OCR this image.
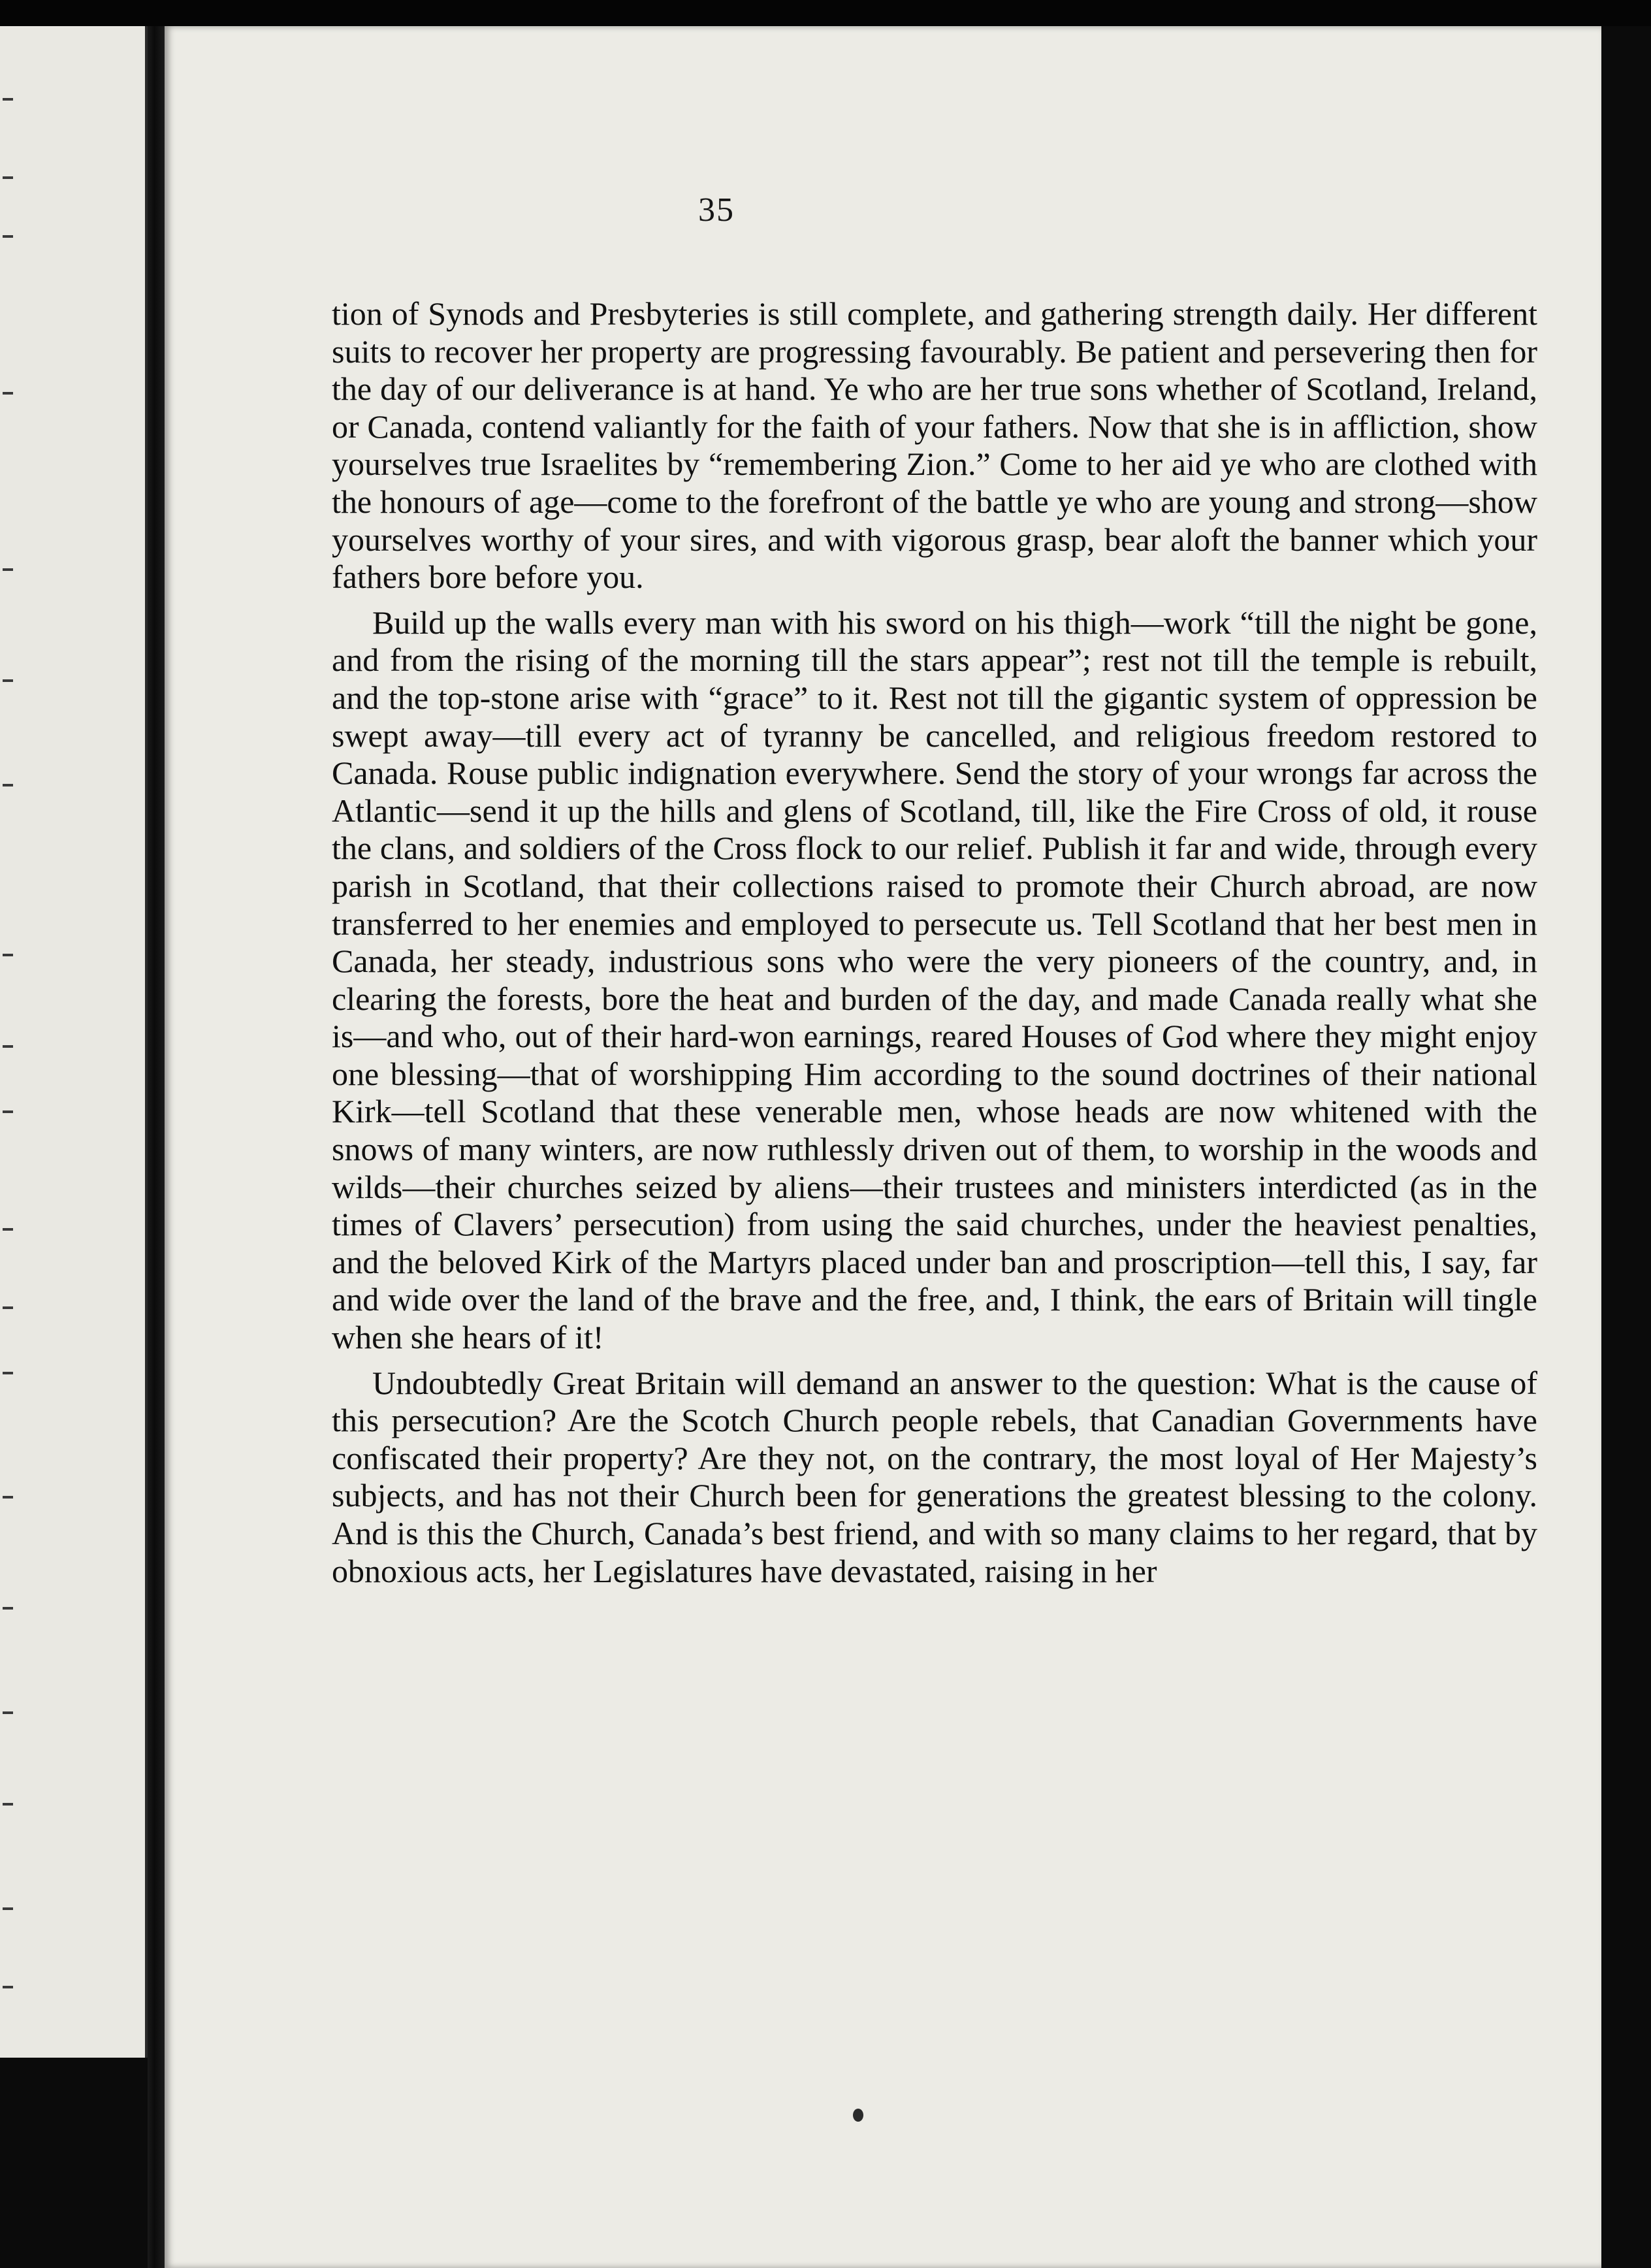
35

tion of Synods and Presbyteries is still complete, and gathering strength daily. Her different suits to recover her property are progressing favourably. Be patient and persevering then for the day of our deliverance is at hand. Ye who are her true sons whether of Scotland, Ireland, or Canada, contend valiantly for the faith of your fathers. Now that she is in affliction, show yourselves true Israelites by “remembering Zion.” Come to her aid ye who are clothed with the honours of age—come to the forefront of the battle ye who are young and strong—show yourselves worthy of your sires, and with vigorous grasp, bear aloft the banner which your fathers bore before you.

Build up the walls every man with his sword on his thigh—work “till the night be gone, and from the rising of the morning till the stars appear”; rest not till the temple is rebuilt, and the top-stone arise with “grace” to it. Rest not till the gigantic system of oppression be swept away—till every act of tyranny be cancelled, and religious freedom restored to Canada. Rouse public indignation everywhere. Send the story of your wrongs far across the Atlantic—send it up the hills and glens of Scotland, till, like the Fire Cross of old, it rouse the clans, and soldiers of the Cross flock to our relief. Publish it far and wide, through every parish in Scotland, that their collections raised to promote their Church abroad, are now transferred to her enemies and employed to persecute us. Tell Scotland that her best men in Canada, her steady, industrious sons who were the very pioneers of the country, and, in clearing the forests, bore the heat and burden of the day, and made Canada really what she is—and who, out of their hard-won earnings, reared Houses of God where they might enjoy one blessing—that of worshipping Him according to the sound doctrines of their national Kirk—tell Scotland that these venerable men, whose heads are now whitened with the snows of many winters, are now ruthlessly driven out of them, to worship in the woods and wilds—their churches seized by aliens—their trustees and ministers interdicted (as in the times of Clavers’ persecution) from using the said churches, under the heaviest penalties, and the beloved Kirk of the Martyrs placed under ban and proscription—tell this, I say, far and wide over the land of the brave and the free, and, I think, the ears of Britain will tingle when she hears of it!

Undoubtedly Great Britain will demand an answer to the question: What is the cause of this persecution? Are the Scotch Church people rebels, that Canadian Governments have confiscated their property? Are they not, on the contrary, the most loyal of Her Majesty’s subjects, and has not their Church been for generations the greatest blessing to the colony. And is this the Church, Canada’s best friend, and with so many claims to her regard, that by obnoxious acts, her Legislatures have devastated, raising in her
